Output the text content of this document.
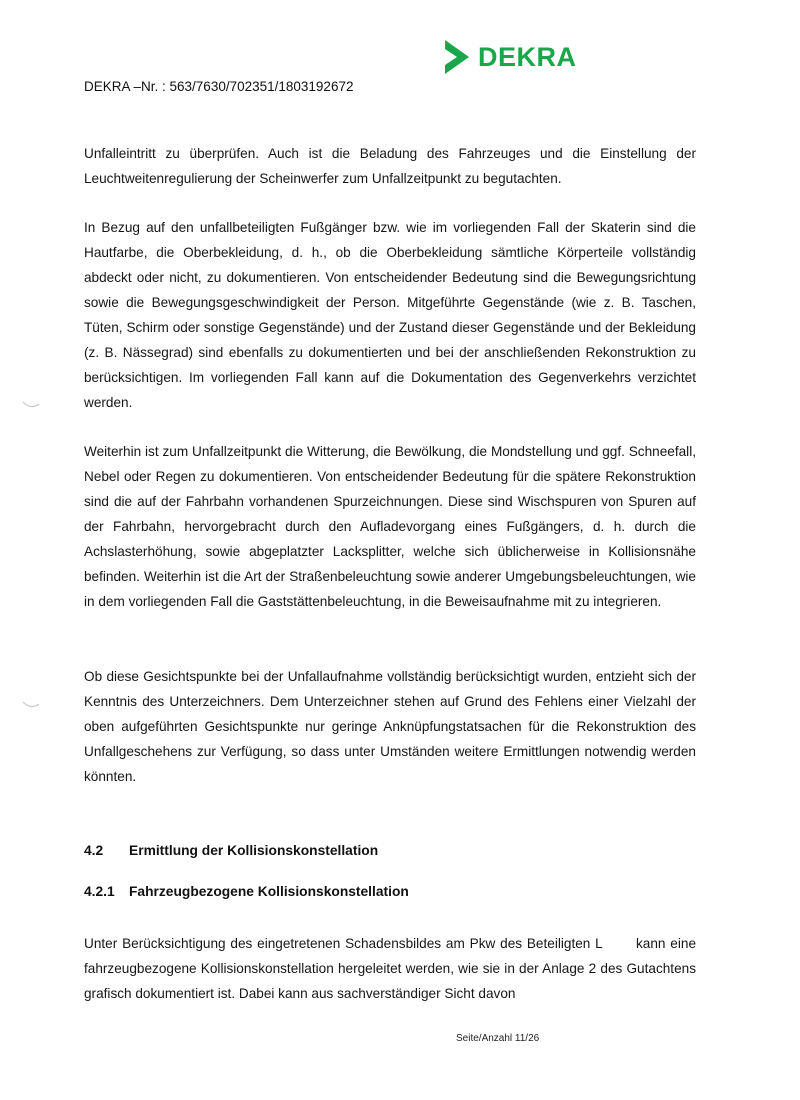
DEKRA
DEKRA –Nr. : 563/7630/702351/1803192672

Unfalleintritt zu überprüfen. Auch ist die Beladung des Fahrzeuges und die Einstellung der Leuchtweitenregulierung der Scheinwerfer zum Unfallzeitpunkt zu begutachten.

In Bezug auf den unfallbeteiligten Fußgänger bzw. wie im vorliegenden Fall der Skaterin sind die Hautfarbe, die Oberbekleidung, d. h., ob die Oberbekleidung sämtliche Körperteile vollständig abdeckt oder nicht, zu dokumentieren. Von entscheidender Bedeutung sind die Bewegungsrichtung sowie die Bewegungsgeschwindigkeit der Person. Mitgeführte Gegenstände (wie z. B. Taschen, Tüten, Schirm oder sonstige Gegenstände) und der Zustand dieser Gegenstände und der Bekleidung (z. B. Nässegrad) sind ebenfalls zu dokumentierten und bei der anschließenden Rekonstruktion zu berücksichtigen. Im vorliegenden Fall kann auf die Dokumentation des Gegenverkehrs verzichtet werden.

Weiterhin ist zum Unfallzeitpunkt die Witterung, die Bewölkung, die Mondstellung und ggf. Schneefall, Nebel oder Regen zu dokumentieren. Von entscheidender Bedeutung für die spätere Rekonstruktion sind die auf der Fahrbahn vorhandenen Spurzeichnungen. Diese sind Wischspuren von Spuren auf der Fahrbahn, hervorgebracht durch den Aufladevorgang eines Fußgängers, d. h. durch die Achslasterhöhung, sowie abgeplatzter Lacksplitter, welche sich üblicherweise in Kollisionsnähe befinden. Weiterhin ist die Art der Straßenbeleuchtung sowie anderer Umgebungsbeleuchtungen, wie in dem vorliegenden Fall die Gaststättenbeleuchtung, in die Beweisaufnahme mit zu integrieren.

Ob diese Gesichtspunkte bei der Unfallaufnahme vollständig berücksichtigt wurden, entzieht sich der Kenntnis des Unterzeichners. Dem Unterzeichner stehen auf Grund des Fehlens einer Vielzahl der oben aufgeführten Gesichtspunkte nur geringe Anknüpfungstatsachen für die Rekonstruktion des Unfallgeschehens zur Verfügung, so dass unter Umständen weitere Ermittlungen notwendig werden könnten.

4.2	Ermittlung der Kollisionskonstellation
4.2.1	Fahrzeugbezogene Kollisionskonstellation

Unter Berücksichtigung des eingetretenen Schadensbildes am Pkw des Beteiligten L       kann eine fahrzeugbezogene Kollisionskonstellation hergeleitet werden, wie sie in der Anlage 2 des Gutachtens grafisch dokumentiert ist. Dabei kann aus sachverständiger Sicht davon

Seite/Anzahl 11/26
